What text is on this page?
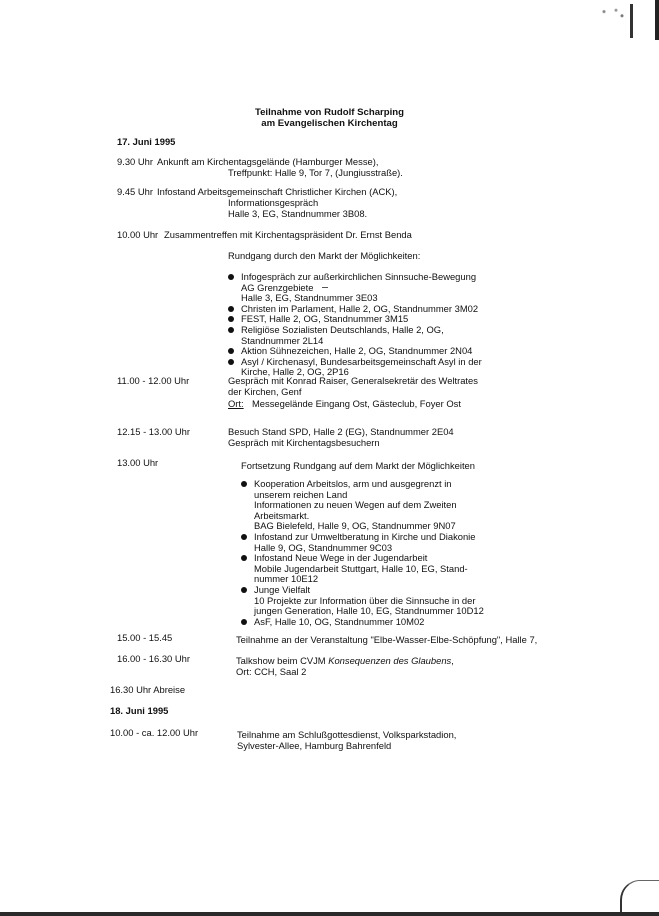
Teilnahme von Rudolf Scharping
am Evangelischen Kirchentag
17. Juni 1995
9.30 Uhr Ankunft am Kirchentagsgelände (Hamburger Messe),
Treffpunkt: Halle 9, Tor 7, (Jungiusstraße).
9.45 Uhr Infostand Arbeitsgemeinschaft Christlicher Kirchen (ACK),
Informationsgespräch
Halle 3, EG, Standnummer 3B08.
10.00 Uhr Zusammentreffen mit Kirchentagspräsident Dr. Ernst Benda
Rundgang durch den Markt der Möglichkeiten:
Infogespräch zur außerkirchlichen Sinnsuche-Bewegung
AG Grenzgebiete
Halle 3, EG, Standnummer 3E03
Christen im Parlament, Halle 2, OG, Standnummer 3M02
FEST, Halle 2, OG, Standnummer 3M15
Religiöse Sozialisten Deutschlands, Halle 2, OG,
Standnummer 2L14
Aktion Sühnezeichen, Halle 2, OG, Standnummer 2N04
Asyl / Kirchenasyl, Bundesarbeitsgemeinschaft Asyl in der
Kirche, Halle 2, OG, 2P16
11.00 - 12.00 Uhr	Gespräch mit Konrad Raiser, Generalsekretär des Weltrates
der Kirchen, Genf
Ort: Messegelände Eingang Ost, Gästeclub, Foyer Ost
12.15 - 13.00 Uhr	Besuch Stand SPD, Halle 2 (EG), Standnummer 2E04
Gespräch mit Kirchentagsbesuchern
13.00 Uhr	Fortsetzung Rundgang auf dem Markt der Möglichkeiten
Kooperation Arbeitslos, arm und ausgegrenzt in
unserem reichen Land
Informationen zu neuen Wegen auf dem Zweiten
Arbeitsmarkt.
BAG Bielefeld, Halle 9, OG, Standnummer 9N07
Infostand zur Umweltberatung in Kirche und Diakonie
Halle 9, OG, Standnummer 9C03
Infostand Neue Wege in der Jugendarbeit
Mobile Jugendarbeit Stuttgart, Halle 10, EG, Stand-
nummer 10E12
Junge Vielfalt
10 Projekte zur Information über die Sinnsuche in der
jungen Generation, Halle 10, EG, Standnummer 10D12
AsF, Halle 10, OG, Standnummer 10M02
15.00 - 15.45	Teilnahme an der Veranstaltung "Elbe-Wasser-Elbe-Schöpfung", Halle 7,
16.00 - 16.30 Uhr	Talkshow beim CVJM Konsequenzen des Glaubens,
Ort: CCH, Saal 2
16.30 Uhr Abreise
18. Juni 1995
10.00 - ca. 12.00 Uhr	Teilnahme am Schlußgottesdienst, Volksparkstadion,
Sylvester-Allee, Hamburg Bahrenfeld
